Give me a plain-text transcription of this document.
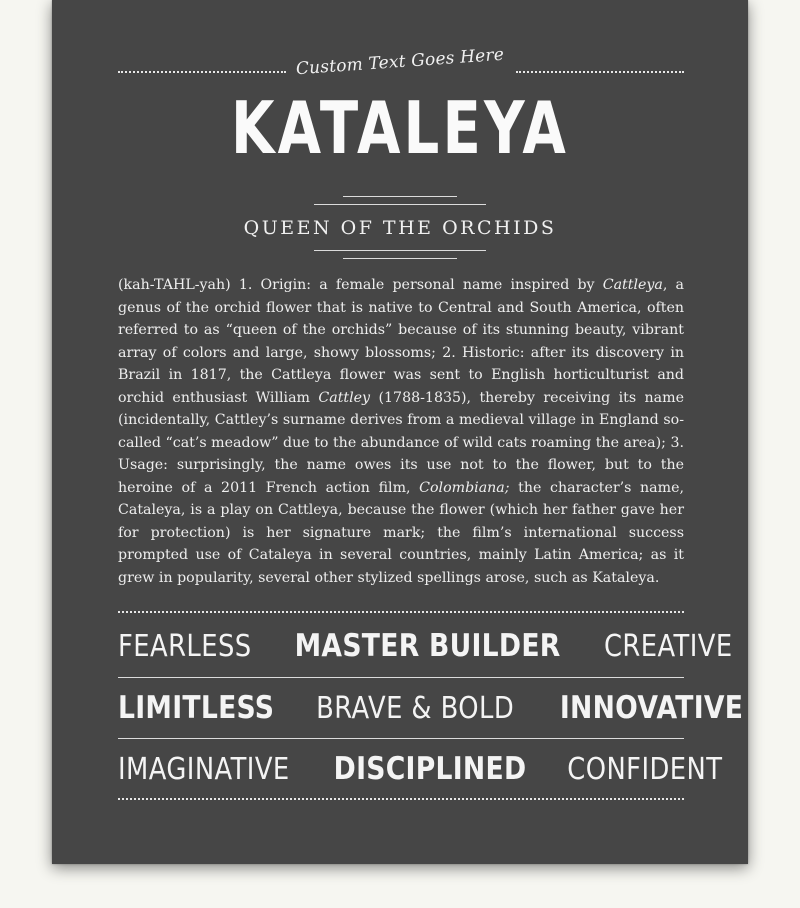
Custom Text Goes Here
KATALEYA
QUEEN OF THE ORCHIDS
(kah-TAHL-yah) 1. Origin: a female personal name inspired by Cattleya, a genus of the orchid flower that is native to Central and South America, often referred to as “queen of the orchids” because of its stunning beauty, vibrant array of colors and large, showy blossoms; 2. Historic: after its discovery in Brazil in 1817, the Cattleya flower was sent to English horticulturist and orchid enthusiast William Cattley (1788-1835), thereby receiving its name (incidentally, Cattley’s surname derives from a medieval village in England so-called “cat’s meadow” due to the abundance of wild cats roaming the area); 3. Usage: surprisingly, the name owes its use not to the flower, but to the heroine of a 2011 French action film, Colombiana; the character’s name, Cataleya, is a play on Cattleya, because the flower (which her father gave her for protection) is her signature mark; the film’s international success prompted use of Cataleya in several countries, mainly Latin America; as it grew in popularity, several other stylized spellings arose, such as Kataleya.
FEARLESS MASTER BUILDER CREATIVE
LIMITLESS BRAVE & BOLD INNOVATIVE
IMAGINATIVE DISCIPLINED CONFIDENT
